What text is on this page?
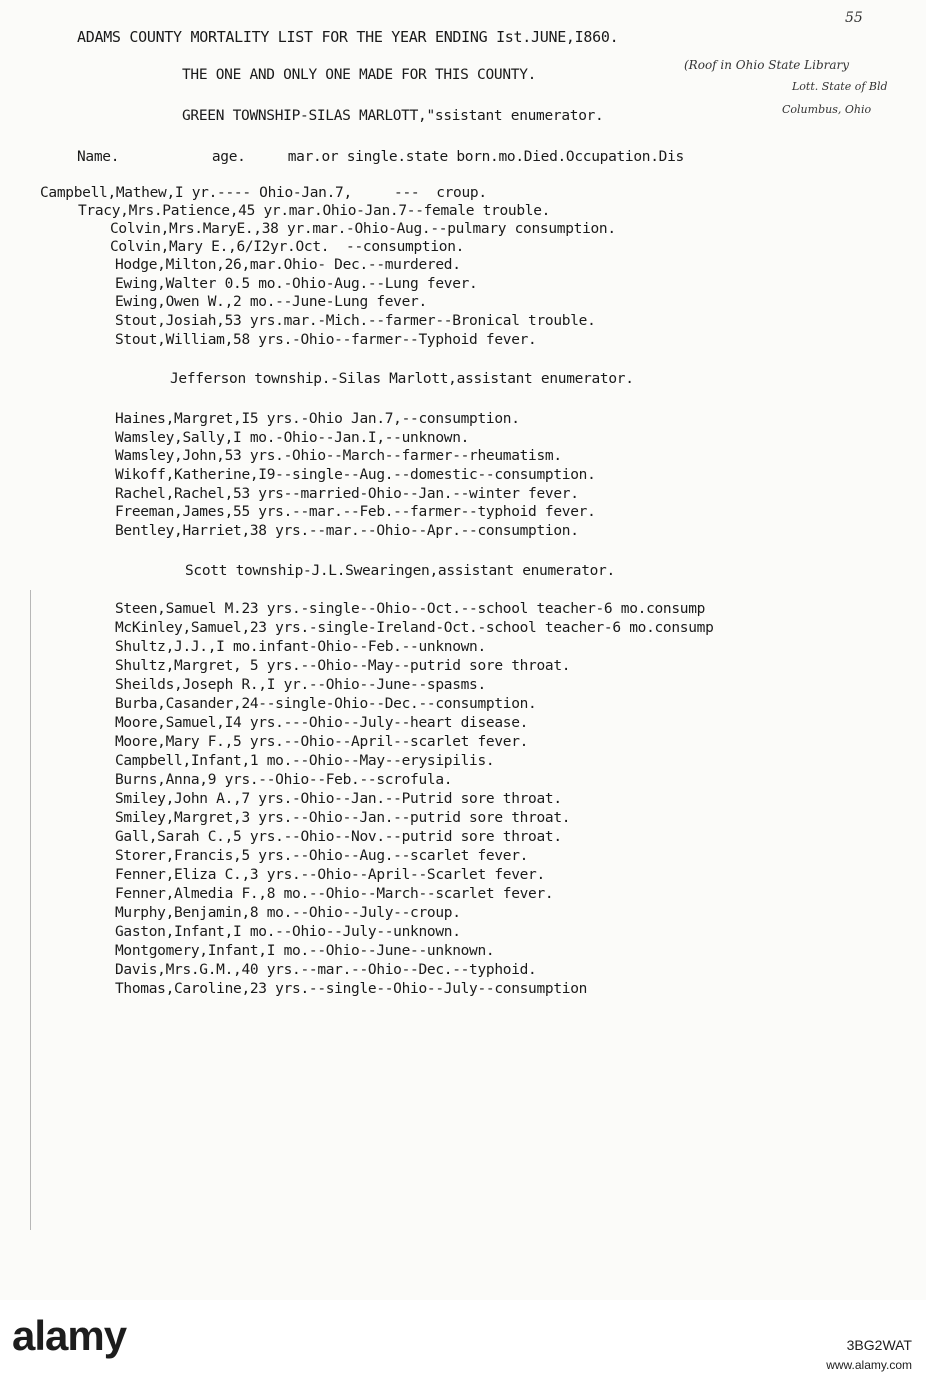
ADAMS COUNTY MORTALITY LIST FOR THE YEAR ENDING Ist.JUNE,I860.
THE ONE AND ONLY ONE MADE FOR THIS COUNTY.
GREEN TOWNSHIP-SILAS MARLOTT,"ssistant enumerator.
55
(Roof in Ohio State Library
Lott. State of Bld
Columbus, Ohio
Name.           age.     mar.or single.state born.mo.Died.Occupation.Dis
Campbell,Mathew,I yr.---- Ohio-Jan.7,     ---  croup.
Tracy,Mrs.Patience,45 yr.mar.Ohio-Jan.7--female trouble.
Colvin,Mrs.MaryE.,38 yr.mar.-Ohio-Aug.--pulmary consumption.
Colvin,Mary E.,6/I2yr.Oct.  --consumption.
Hodge,Milton,26,mar.Ohio- Dec.--murdered.
Ewing,Walter 0.5 mo.-Ohio-Aug.--Lung fever.
Ewing,Owen W.,2 mo.--June-Lung fever.
Stout,Josiah,53 yrs.mar.-Mich.--farmer--Bronical trouble.
Stout,William,58 yrs.-Ohio--farmer--Typhoid fever.
Jefferson township.-Silas Marlott,assistant enumerator.
Haines,Margret,I5 yrs.-Ohio Jan.7,--consumption.
Wamsley,Sally,I mo.-Ohio--Jan.I,--unknown.
Wamsley,John,53 yrs.-Ohio--March--farmer--rheumatism.
Wikoff,Katherine,I9--single--Aug.--domestic--consumption.
Rachel,Rachel,53 yrs--married-Ohio--Jan.--winter fever.
Freeman,James,55 yrs.--mar.--Feb.--farmer--typhoid fever.
Bentley,Harriet,38 yrs.--mar.--Ohio--Apr.--consumption.
Scott township-J.L.Swearingen,assistant enumerator.
Steen,Samuel M.23 yrs.-single--Ohio--Oct.--school teacher-6 mo.consump
McKinley,Samuel,23 yrs.-single-Ireland-Oct.-school teacher-6 mo.consump
Shultz,J.J.,I mo.infant-Ohio--Feb.--unknown.
Shultz,Margret, 5 yrs.--Ohio--May--putrid sore throat.
Sheilds,Joseph R.,I yr.--Ohio--June--spasms.
Burba,Casander,24--single-Ohio--Dec.--consumption.
Moore,Samuel,I4 yrs.---Ohio--July--heart disease.
Moore,Mary F.,5 yrs.--Ohio--April--scarlet fever.
Campbell,Infant,1 mo.--Ohio--May--erysipilis.
Burns,Anna,9 yrs.--Ohio--Feb.--scrofula.
Smiley,John A.,7 yrs.-Ohio--Jan.--Putrid sore throat.
Smiley,Margret,3 yrs.--Ohio--Jan.--putrid sore throat.
Gall,Sarah C.,5 yrs.--Ohio--Nov.--putrid sore throat.
Storer,Francis,5 yrs.--Ohio--Aug.--scarlet fever.
Fenner,Eliza C.,3 yrs.--Ohio--April--Scarlet fever.
Fenner,Almedia F.,8 mo.--Ohio--March--scarlet fever.
Murphy,Benjamin,8 mo.--Ohio--July--croup.
Gaston,Infant,I mo.--Ohio--July--unknown.
Montgomery,Infant,I mo.--Ohio--June--unknown.
Davis,Mrs.G.M.,40 yrs.--mar.--Ohio--Dec.--typhoid.
Thomas,Caroline,23 yrs.--single--Ohio--July--consumption
alamy	3BG2WAT
www.alamy.com
